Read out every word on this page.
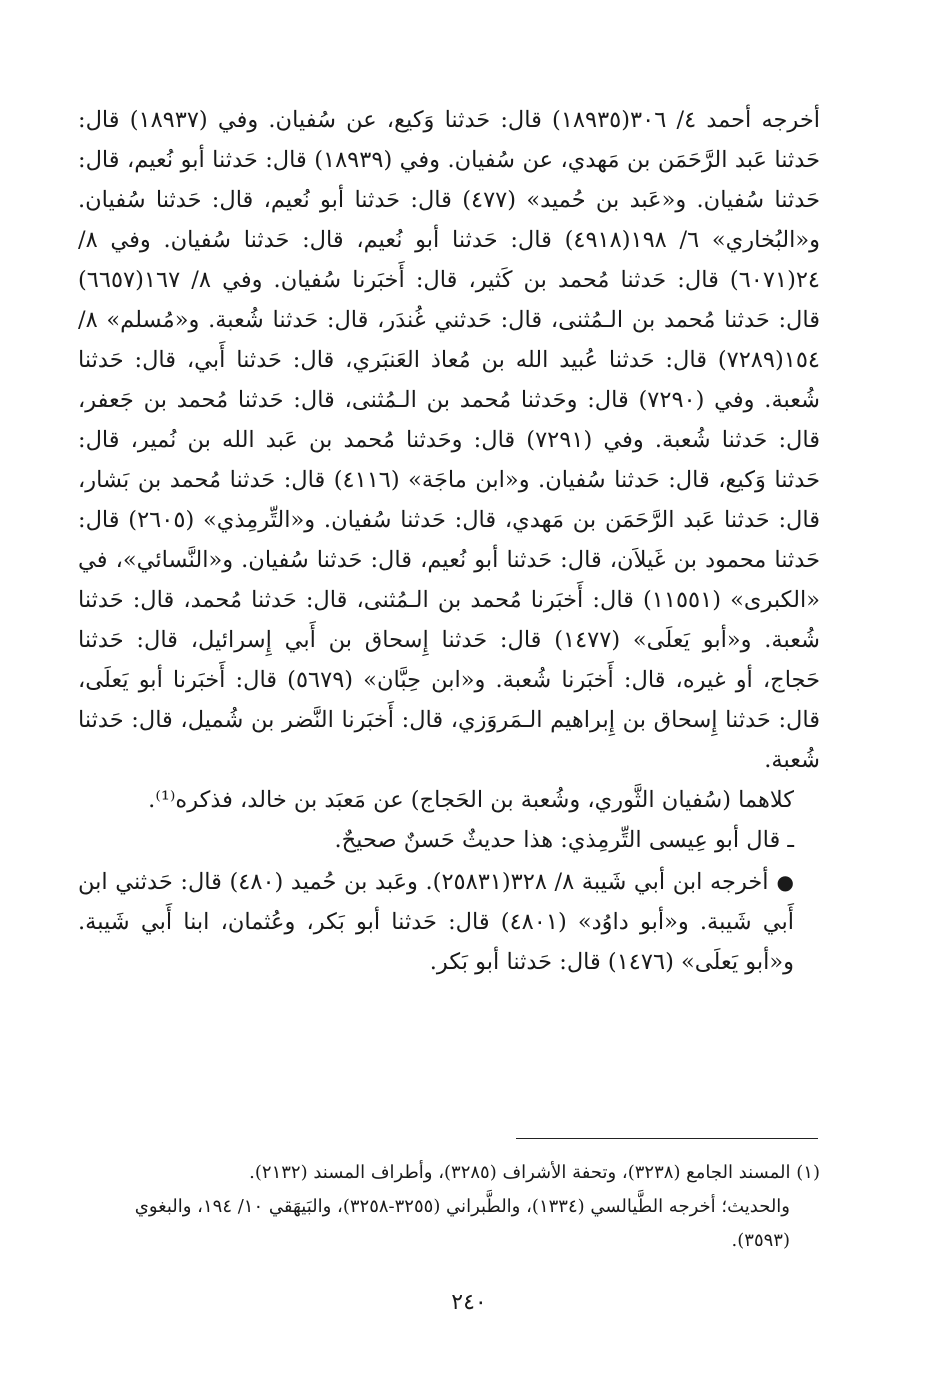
أخرجه أحمد ٤/ ٣٠٦(١٨٩٣٥) قال: حَدثنا وَكيع، عن سُفيان. وفي (١٨٩٣٧) قال: حَدثنا عَبد الرَّحَمَن بن مَهدي، عن سُفيان. وفي (١٨٩٣٩) قال: حَدثنا أبو نُعيم، قال: حَدثنا سُفيان. و«عَبد بن حُميد» (٤٧٧) قال: حَدثنا أبو نُعيم، قال: حَدثنا سُفيان. و«البُخاري» ٦/ ١٩٨(٤٩١٨) قال: حَدثنا أبو نُعيم، قال: حَدثنا سُفيان. وفي ٨/ ٢٤(٦٠٧١) قال: حَدثنا مُحمد بن كَثير، قال: أَخبَرنا سُفيان. وفي ٨/ ١٦٧(٦٦٥٧) قال: حَدثنا مُحمد بن الـمُثنى، قال: حَدثني غُندَر، قال: حَدثنا شُعبة. و«مُسلم» ٨/ ١٥٤(٧٢٨٩) قال: حَدثنا عُبيد الله بن مُعاذ العَنبَري، قال: حَدثنا أَبي، قال: حَدثنا شُعبة. وفي (٧٢٩٠) قال: وحَدثنا مُحمد بن الـمُثنى، قال: حَدثنا مُحمد بن جَعفر، قال: حَدثنا شُعبة. وفي (٧٢٩١) قال: وحَدثنا مُحمد بن عَبد الله بن نُمير، قال: حَدثنا وَكيع، قال: حَدثنا سُفيان. و«ابن ماجَة» (٤١١٦) قال: حَدثنا مُحمد بن بَشار، قال: حَدثنا عَبد الرَّحَمَن بن مَهدي، قال: حَدثنا سُفيان. و«التِّرمِذي» (٢٦٠٥) قال: حَدثنا محمود بن غَيلاَن، قال: حَدثنا أبو نُعيم، قال: حَدثنا سُفيان. و«النَّسائي»، في «الكبرى» (١١٥٥١) قال: أَخبَرنا مُحمد بن الـمُثنى، قال: حَدثنا مُحمد، قال: حَدثنا شُعبة. و«أبو يَعلَى» (١٤٧٧) قال: حَدثنا إِسحاق بن أَبي إِسرائيل، قال: حَدثنا حَجاج، أو غيره، قال: أَخبَرنا شُعبة. و«ابن حِبَّان» (٥٦٧٩) قال: أَخبَرنا أبو يَعلَى، قال: حَدثنا إِسحاق بن إِبراهيم الـمَروَزي، قال: أَخبَرنا النَّضر بن شُميل، قال: حَدثنا شُعبة.

كلاهما (سُفيان الثَّوري، وشُعبة بن الحَجاج) عن مَعبَد بن خالد، فذكره⁽¹⁾.

ـ قال أبو عِيسى التِّرمِذي: هذا حديثٌ حَسنٌ صحيحٌ.

●أخرجه ابن أبي شَيبة ٨/ ٣٢٨(٢٥٨٣١). وعَبد بن حُميد (٤٨٠) قال: حَدثني ابن أَبي شَيبة. و«أبو داوُد» (٤٨٠١) قال: حَدثنا أبو بَكر، وعُثمان، ابنا أَبي شَيبة. و«أبو يَعلَى» (١٤٧٦) قال: حَدثنا أبو بَكر.

(١) المسند الجامع (٣٢٣٨)، وتحفة الأشراف (٣٢٨٥)، وأطراف المسند (٢١٣٢).

والحديث؛ أخرجه الطَّيالسي (١٣٣٤)، والطَّبراني (٣٢٥٥-٣٢٥٨)، والبَيهَقي ١٠/ ١٩٤، والبغوي (٣٥٩٣).

٢٤٠
